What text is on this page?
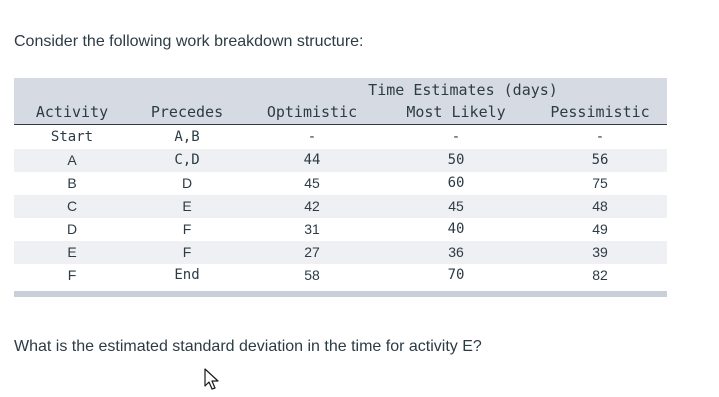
Consider the following work breakdown structure:
Time Estimates (days)
Activity	Precedes	Optimistic	Most Likely	Pessimistic
Start	A,B	-	-	-
A	C,D	44	50	56
B	D	45	60	75
C	E	42	45	48
D	F	31	40	49
E	F	27	36	39
F	End	58	70	82
What is the estimated standard deviation in the time for activity E?
